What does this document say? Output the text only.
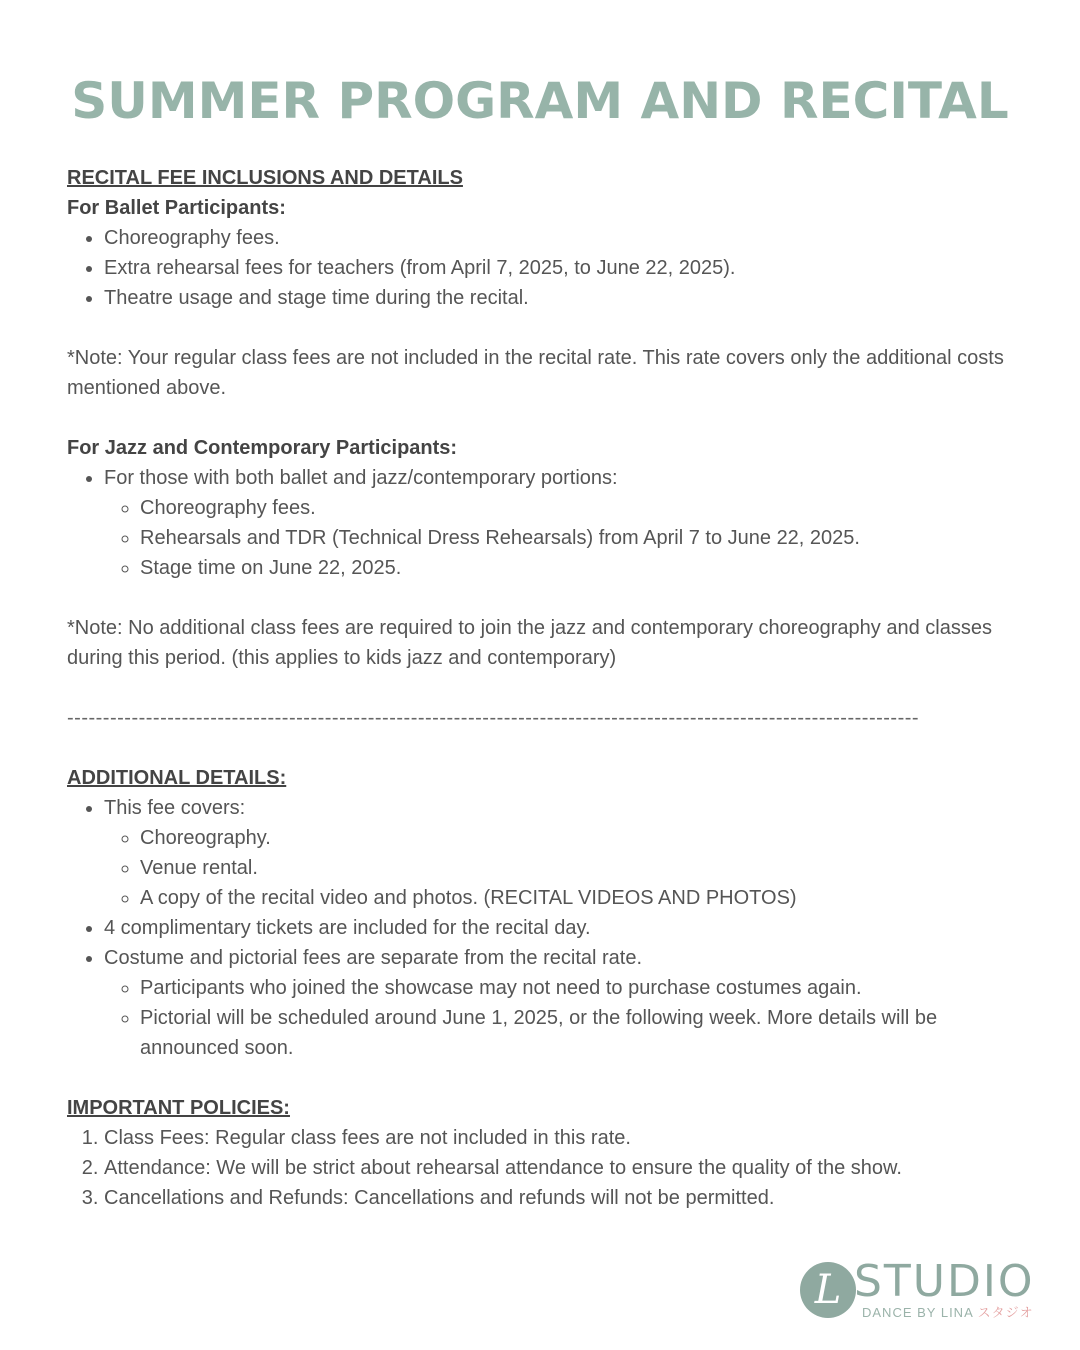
SUMMER PROGRAM AND RECITAL

RECITAL FEE INCLUSIONS AND DETAILS

For Ballet Participants:

• Choreography fees.
• Extra rehearsal fees for teachers (from April 7, 2025, to June 22, 2025).
• Theatre usage and stage time during the recital.

*Note: Your regular class fees are not included in the recital rate. This rate covers only the additional costs mentioned above.

For Jazz and Contemporary Participants:

• For those with both ballet and jazz/contemporary portions:
◦ Choreography fees.
◦ Rehearsals and TDR (Technical Dress Rehearsals) from April 7 to June 22, 2025.
◦ Stage time on June 22, 2025.

*Note: No additional class fees are required to join the jazz and contemporary choreography and classes during this period. (this applies to kids jazz and contemporary)

-----------------------------------------------------------------------------------------------------------------------

ADDITIONAL DETAILS:

• This fee covers:
◦ Choreography.
◦ Venue rental.
◦ A copy of the recital video and photos. (RECITAL VIDEOS AND PHOTOS)
• 4 complimentary tickets are included for the recital day.
• Costume and pictorial fees are separate from the recital rate.
◦ Participants who joined the showcase may not need to purchase costumes again.
◦ Pictorial will be scheduled around June 1, 2025, or the following week. More details will be announced soon.

IMPORTANT POLICIES:

1. Class Fees: Regular class fees are not included in this rate.
2. Attendance: We will be strict about rehearsal attendance to ensure the quality of the show.
3. Cancellations and Refunds: Cancellations and refunds will not be permitted.
L STUDIO
DANCE BY LINA スタジオ
